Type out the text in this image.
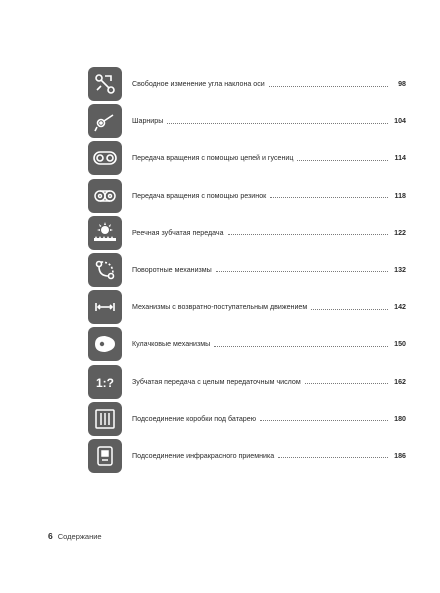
Свободное изменение угла наклона оси	98
Шарниры	104
Передача вращения с помощью цепей и гусениц	114
Передача вращения с помощью резинок	118
Реечная зубчатая передача	122
Поворотные механизмы	132
Механизмы с возвратно-поступательным движением	142
Кулачковые механизмы	150
1:?	Зубчатая передача с целым передаточным числом	162
Подсоединение коробки под батарею	180
Подсоединение инфракрасного приемника	186
6 Содержание
